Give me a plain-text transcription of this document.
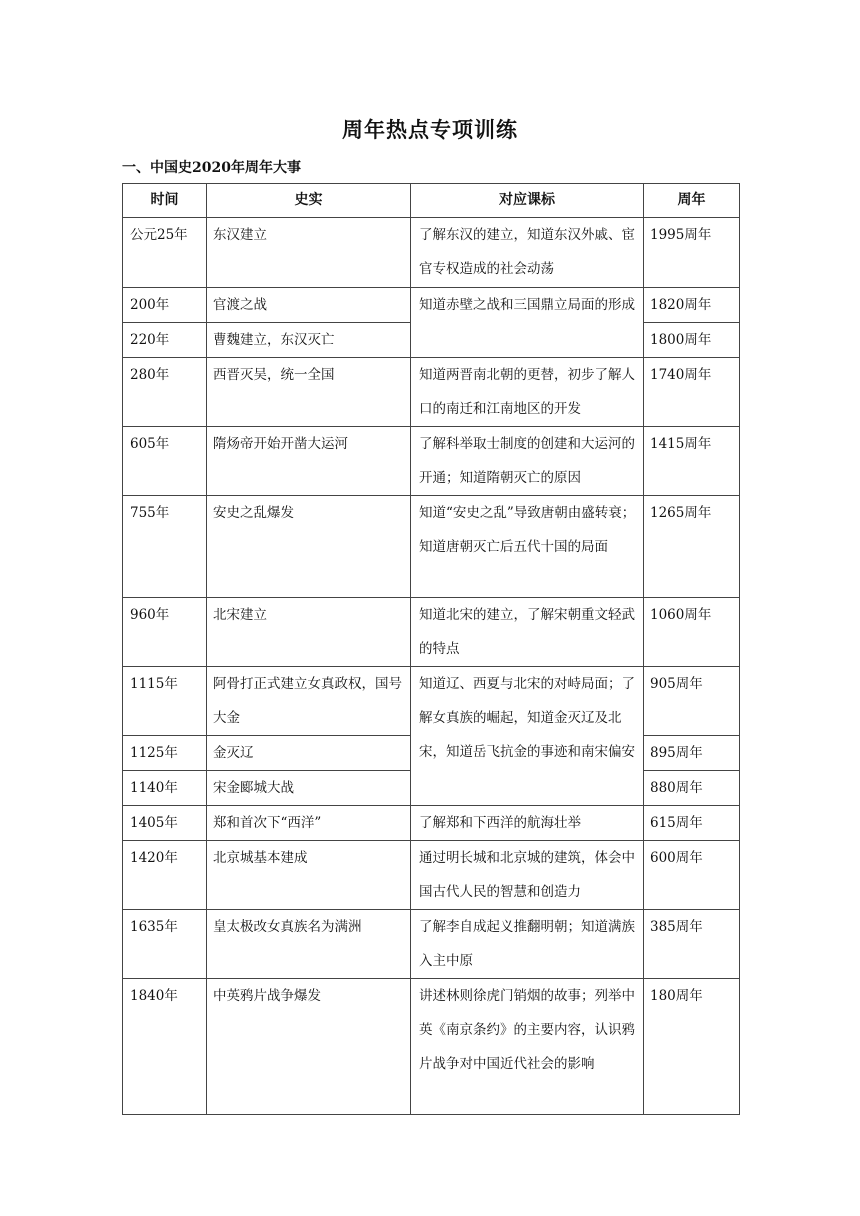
周年热点专项训练
一、中国史2020年周年大事
时间	史实	对应课标	周年
公元25年	东汉建立	了解东汉的建立，知道东汉外戚、宦官专权造成的社会动荡	1995周年
200年	官渡之战	知道赤壁之战和三国鼎立局面的形成	1820周年
220年	曹魏建立，东汉灭亡		1800周年
280年	西晋灭吴，统一全国	知道两晋南北朝的更替，初步了解人口的南迁和江南地区的开发	1740周年
605年	隋炀帝开始开凿大运河	了解科举取士制度的创建和大运河的开通；知道隋朝灭亡的原因	1415周年
755年	安史之乱爆发	知道“安史之乱”导致唐朝由盛转衰；知道唐朝灭亡后五代十国的局面	1265周年
960年	北宋建立	知道北宋的建立，了解宋朝重文轻武的特点	1060周年
1115年	阿骨打正式建立女真政权，国号大金	知道辽、西夏与北宋的对峙局面；了解女真族的崛起，知道金灭辽及北宋，知道岳飞抗金的事迹和南宋偏安	905周年
1125年	金灭辽		895周年
1140年	宋金郾城大战		880周年
1405年	郑和首次下“西洋”	了解郑和下西洋的航海壮举	615周年
1420年	北京城基本建成	通过明长城和北京城的建筑，体会中国古代人民的智慧和创造力	600周年
1635年	皇太极改女真族名为满洲	了解李自成起义推翻明朝；知道满族入主中原	385周年
1840年	中英鸦片战争爆发	讲述林则徐虎门销烟的故事；列举中英《南京条约》的主要内容，认识鸦片战争对中国近代社会的影响	180周年
